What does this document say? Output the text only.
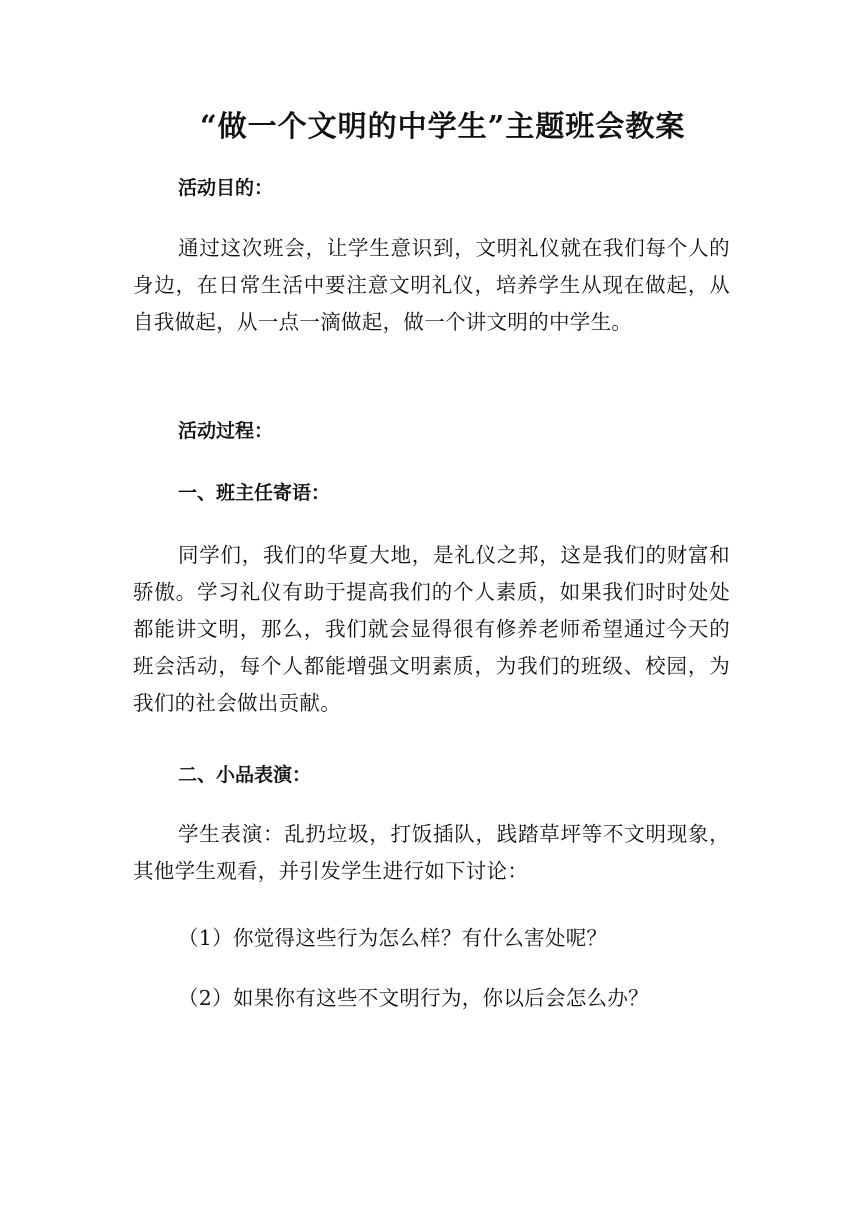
“做一个文明的中学生”主题班会教案
活动目的：
通过这次班会，让学生意识到，文明礼仪就在我们每个人的身边，在日常生活中要注意文明礼仪，培养学生从现在做起，从自我做起，从一点一滴做起，做一个讲文明的中学生。
活动过程：
一、班主任寄语：
同学们，我们的华夏大地，是礼仪之邦，这是我们的财富和骄傲。学习礼仪有助于提高我们的个人素质，如果我们时时处处都能讲文明，那么，我们就会显得很有修养老师希望通过今天的班会活动，每个人都能增强文明素质，为我们的班级、校园，为我们的社会做出贡献。
二、小品表演：
学生表演：乱扔垃圾，打饭插队，践踏草坪等不文明现象，其他学生观看，并引发学生进行如下讨论：
（1）你觉得这些行为怎么样？有什么害处呢？
（2）如果你有这些不文明行为，你以后会怎么办？
